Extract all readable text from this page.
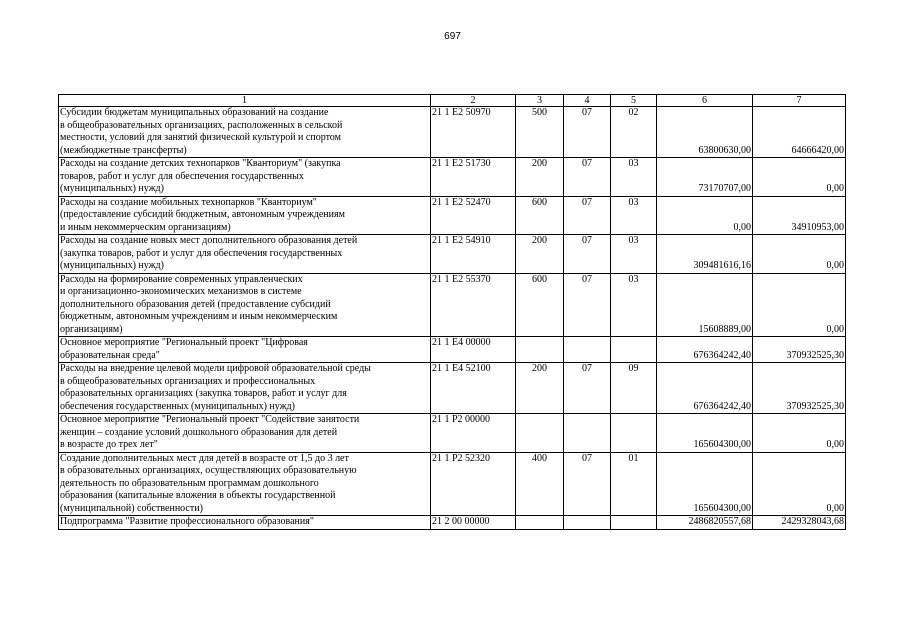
697
1	2	3	4	5	6	7

Субсидии бюджетам муниципальных образований на создание
в общеобразовательных организациях, расположенных в сельской
местности, условий для занятий физической культурой и спортом
(межбюджетные трансферты)	21 1 E2 50970	500	07	02	63800630,00	64666420,00

Расходы на создание детских технопарков "Кванториум" (закупка
товаров, работ и услуг для обеспечения государственных
(муниципальных) нужд)	21 1 E2 51730	200	07	03	73170707,00	0,00

Расходы на создание мобильных технопарков "Кванториум"
(предоставление субсидий бюджетным, автономным учреждениям
и иным некоммерческим организациям)	21 1 E2 52470	600	07	03	0,00	34910953,00

Расходы на создание новых мест дополнительного образования детей
(закупка товаров, работ и услуг для обеспечения государственных
(муниципальных) нужд)	21 1 E2 54910	200	07	03	309481616,16	0,00

Расходы на формирование современных управленческих
и организационно-экономических механизмов в системе
дополнительного образования детей (предоставление субсидий
бюджетным, автономным учреждениям и иным некоммерческим
организациям)	21 1 E2 55370	600	07	03	15608889,00	0,00

Основное мероприятие "Региональный проект "Цифровая
образовательная среда"	21 1 E4 00000				676364242,40	370932525,30

Расходы на внедрение целевой модели цифровой образовательной среды
в общеобразовательных организациях и профессиональных
образовательных организациях (закупка товаров, работ и услуг для
обеспечения государственных (муниципальных) нужд)	21 1 E4 52100	200	07	09	676364242,40	370932525,30

Основное мероприятие "Региональный проект "Содействие занятости
женщин – создание условий дошкольного образования для детей
в возрасте до трех лет"	21 1 P2 00000				165604300,00	0,00

Создание дополнительных мест для детей в возрасте от 1,5 до 3 лет
в образовательных организациях, осуществляющих образовательную
деятельность по образовательным программам дошкольного
образования (капитальные вложения в объекты государственной
(муниципальной) собственности)	21 1 P2 52320	400	07	01	165604300,00	0,00

Подпрограмма "Развитие профессионального образования"	21 2 00 00000				2486820557,68	2429328043,68
